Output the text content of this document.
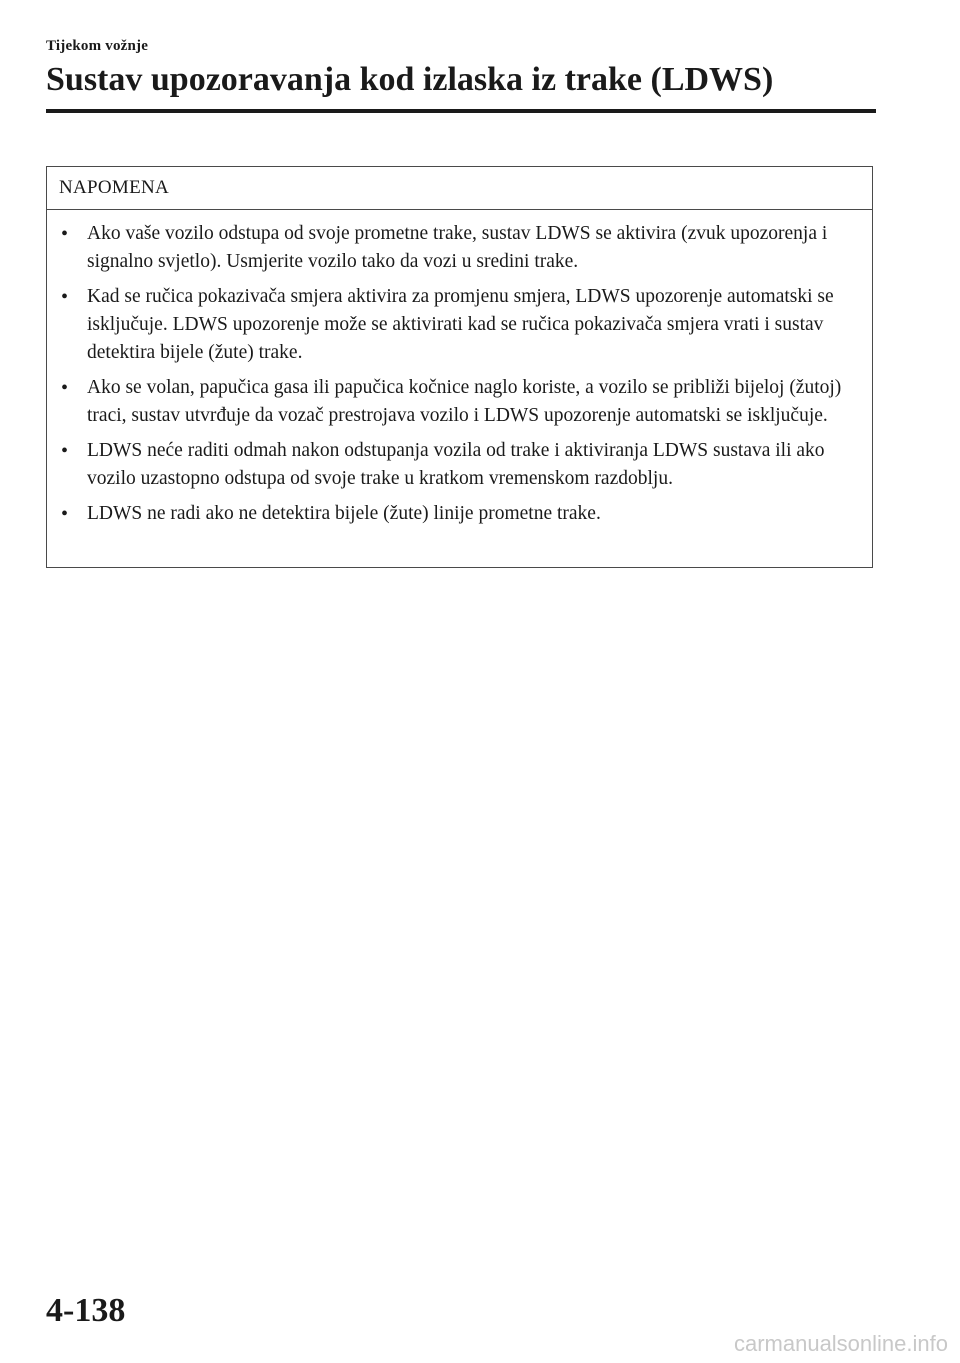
Tijekom vožnje
Sustav upozoravanja kod izlaska iz trake (LDWS)
NAPOMENA
• Ako vaše vozilo odstupa od svoje prometne trake, sustav LDWS se aktivira (zvuk upozorenja i signalno svjetlo). Usmjerite vozilo tako da vozi u sredini trake.
• Kad se ručica pokazivača smjera aktivira za promjenu smjera, LDWS upozorenje automatski se isključuje. LDWS upozorenje može se aktivirati kad se ručica pokazivača smjera vrati i sustav detektira bijele (žute) trake.
• Ako se volan, papučica gasa ili papučica kočnice naglo koriste, a vozilo se približi bijeloj (žutoj) traci, sustav utvrđuje da vozač prestrojava vozilo i LDWS upozorenje automatski se isključuje.
• LDWS neće raditi odmah nakon odstupanja vozila od trake i aktiviranja LDWS sustava ili ako vozilo uzastopno odstupa od svoje trake u kratkom vremenskom razdoblju.
• LDWS ne radi ako ne detektira bijele (žute) linije prometne trake.
4-138
carmanualsonline.info
